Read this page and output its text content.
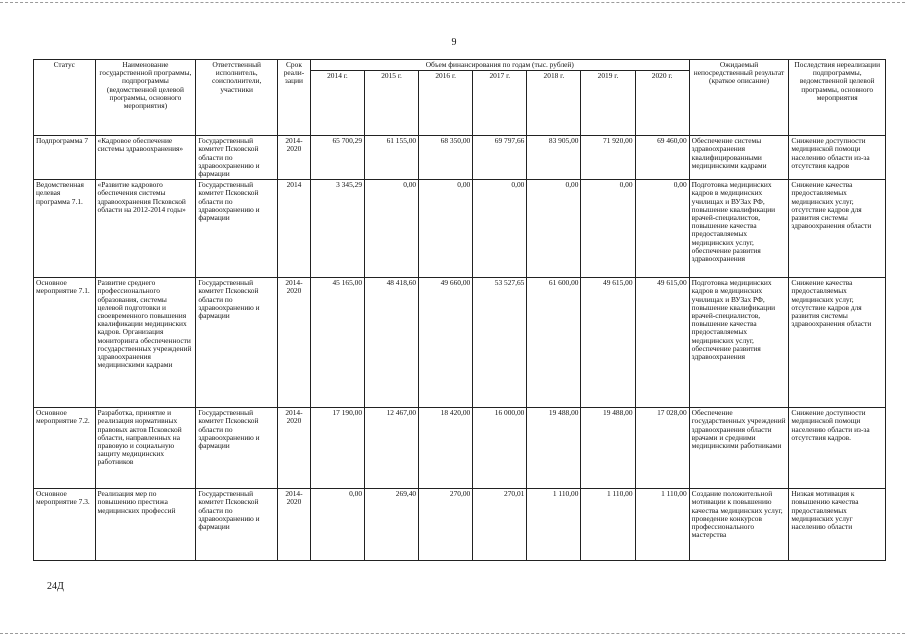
9
Статус	Наименование государственной программы, подпрограммы (ведомственной целевой программы, основного мероприятия)	Ответственный исполнитель, соисполнители, участники	Срок реали- зации	Объем финансирования по годам (тыс. рублей)							Ожидаемый непосредственный результат (краткое описание)	Последствия нереализации подпрограммы, ведомственной целевой программы, основного мероприятия
				2014 г.	2015 г.	2016 г.	2017 г.	2018 г.	2019 г.	2020 г.		
Подпрограмма 7	«Кадровое обеспечение системы здравоохранения»	Государственный комитет Псковской области по здравоохранению и фармации	2014- 2020	65 700,29	61 155,00	68 350,00	69 797,66	83 905,00	71 920,00	69 460,00	Обеспечение системы здравоохранения квалифицированными медицинскими кадрами	Снижение доступности медицинской помощи населению области из-за отсутствия кадров
Ведомственная целевая программа 7.1.	«Развитие кадрового обеспечения системы здравоохранения Псковской области на 2012-2014 годы»	Государственный комитет Псковской области по здравоохранению и фармации	2014	3 345,29	0,00	0,00	0,00	0,00	0,00	0,00	Подготовка медицинских кадров в медицинских училищах и ВУЗах РФ, повышение квалификации врачей-специалистов, повышение качества предоставляемых медицинских услуг, обеспечение развития здравоохранения	Снижение качества предоставляемых медицинских услуг, отсутствие кадров для развития системы здравоохранения области
Основное мероприятие 7.1.	Развитие среднего профессионального образования, системы целевой подготовки и своевременного повышения квалификации медицинских кадров. Организация мониторинга обеспеченности государственных учреждений здравоохранения медицинскими кадрами	Государственный комитет Псковской области по здравоохранению и фармации	2014- 2020	45 165,00	48 418,60	49 660,00	53 527,65	61 600,00	49 615,00	49 615,00	Подготовка медицинских кадров в медицинских училищах и ВУЗах РФ, повышение квалификации врачей-специалистов, повышение качества предоставляемых медицинских услуг, обеспечение развития здравоохранения	Снижение качества предоставляемых медицинских услуг, отсутствие кадров для развития системы здравоохранения области
Основное мероприятие 7.2.	Разработка, принятие и реализация нормативных правовых актов Псковской области, направленных на правовую и социальную защиту медицинских работников	Государственный комитет Псковской области по здравоохранению и фармации	2014- 2020	17 190,00	12 467,00	18 420,00	16 000,00	19 488,00	19 488,00	17 028,00	Обеспечение государственных учреждений здравоохранения области врачами и средними медицинскими работниками	Снижение доступности медицинской помощи населению области из-за отсутствия кадров.
Основное мероприятие 7.3.	Реализация мер по повышению престижа медицинских профессий	Государственный комитет Псковской области по здравоохранению и фармации	2014- 2020	0,00	269,40	270,00	270,01	1 110,00	1 110,00	1 110,00	Создание положительной мотивации к повышению качества медицинских услуг, проведение конкурсов профессионального мастерства	Низкая мотивация к повышению качества предоставляемых медицинских услуг населению области
24Д
